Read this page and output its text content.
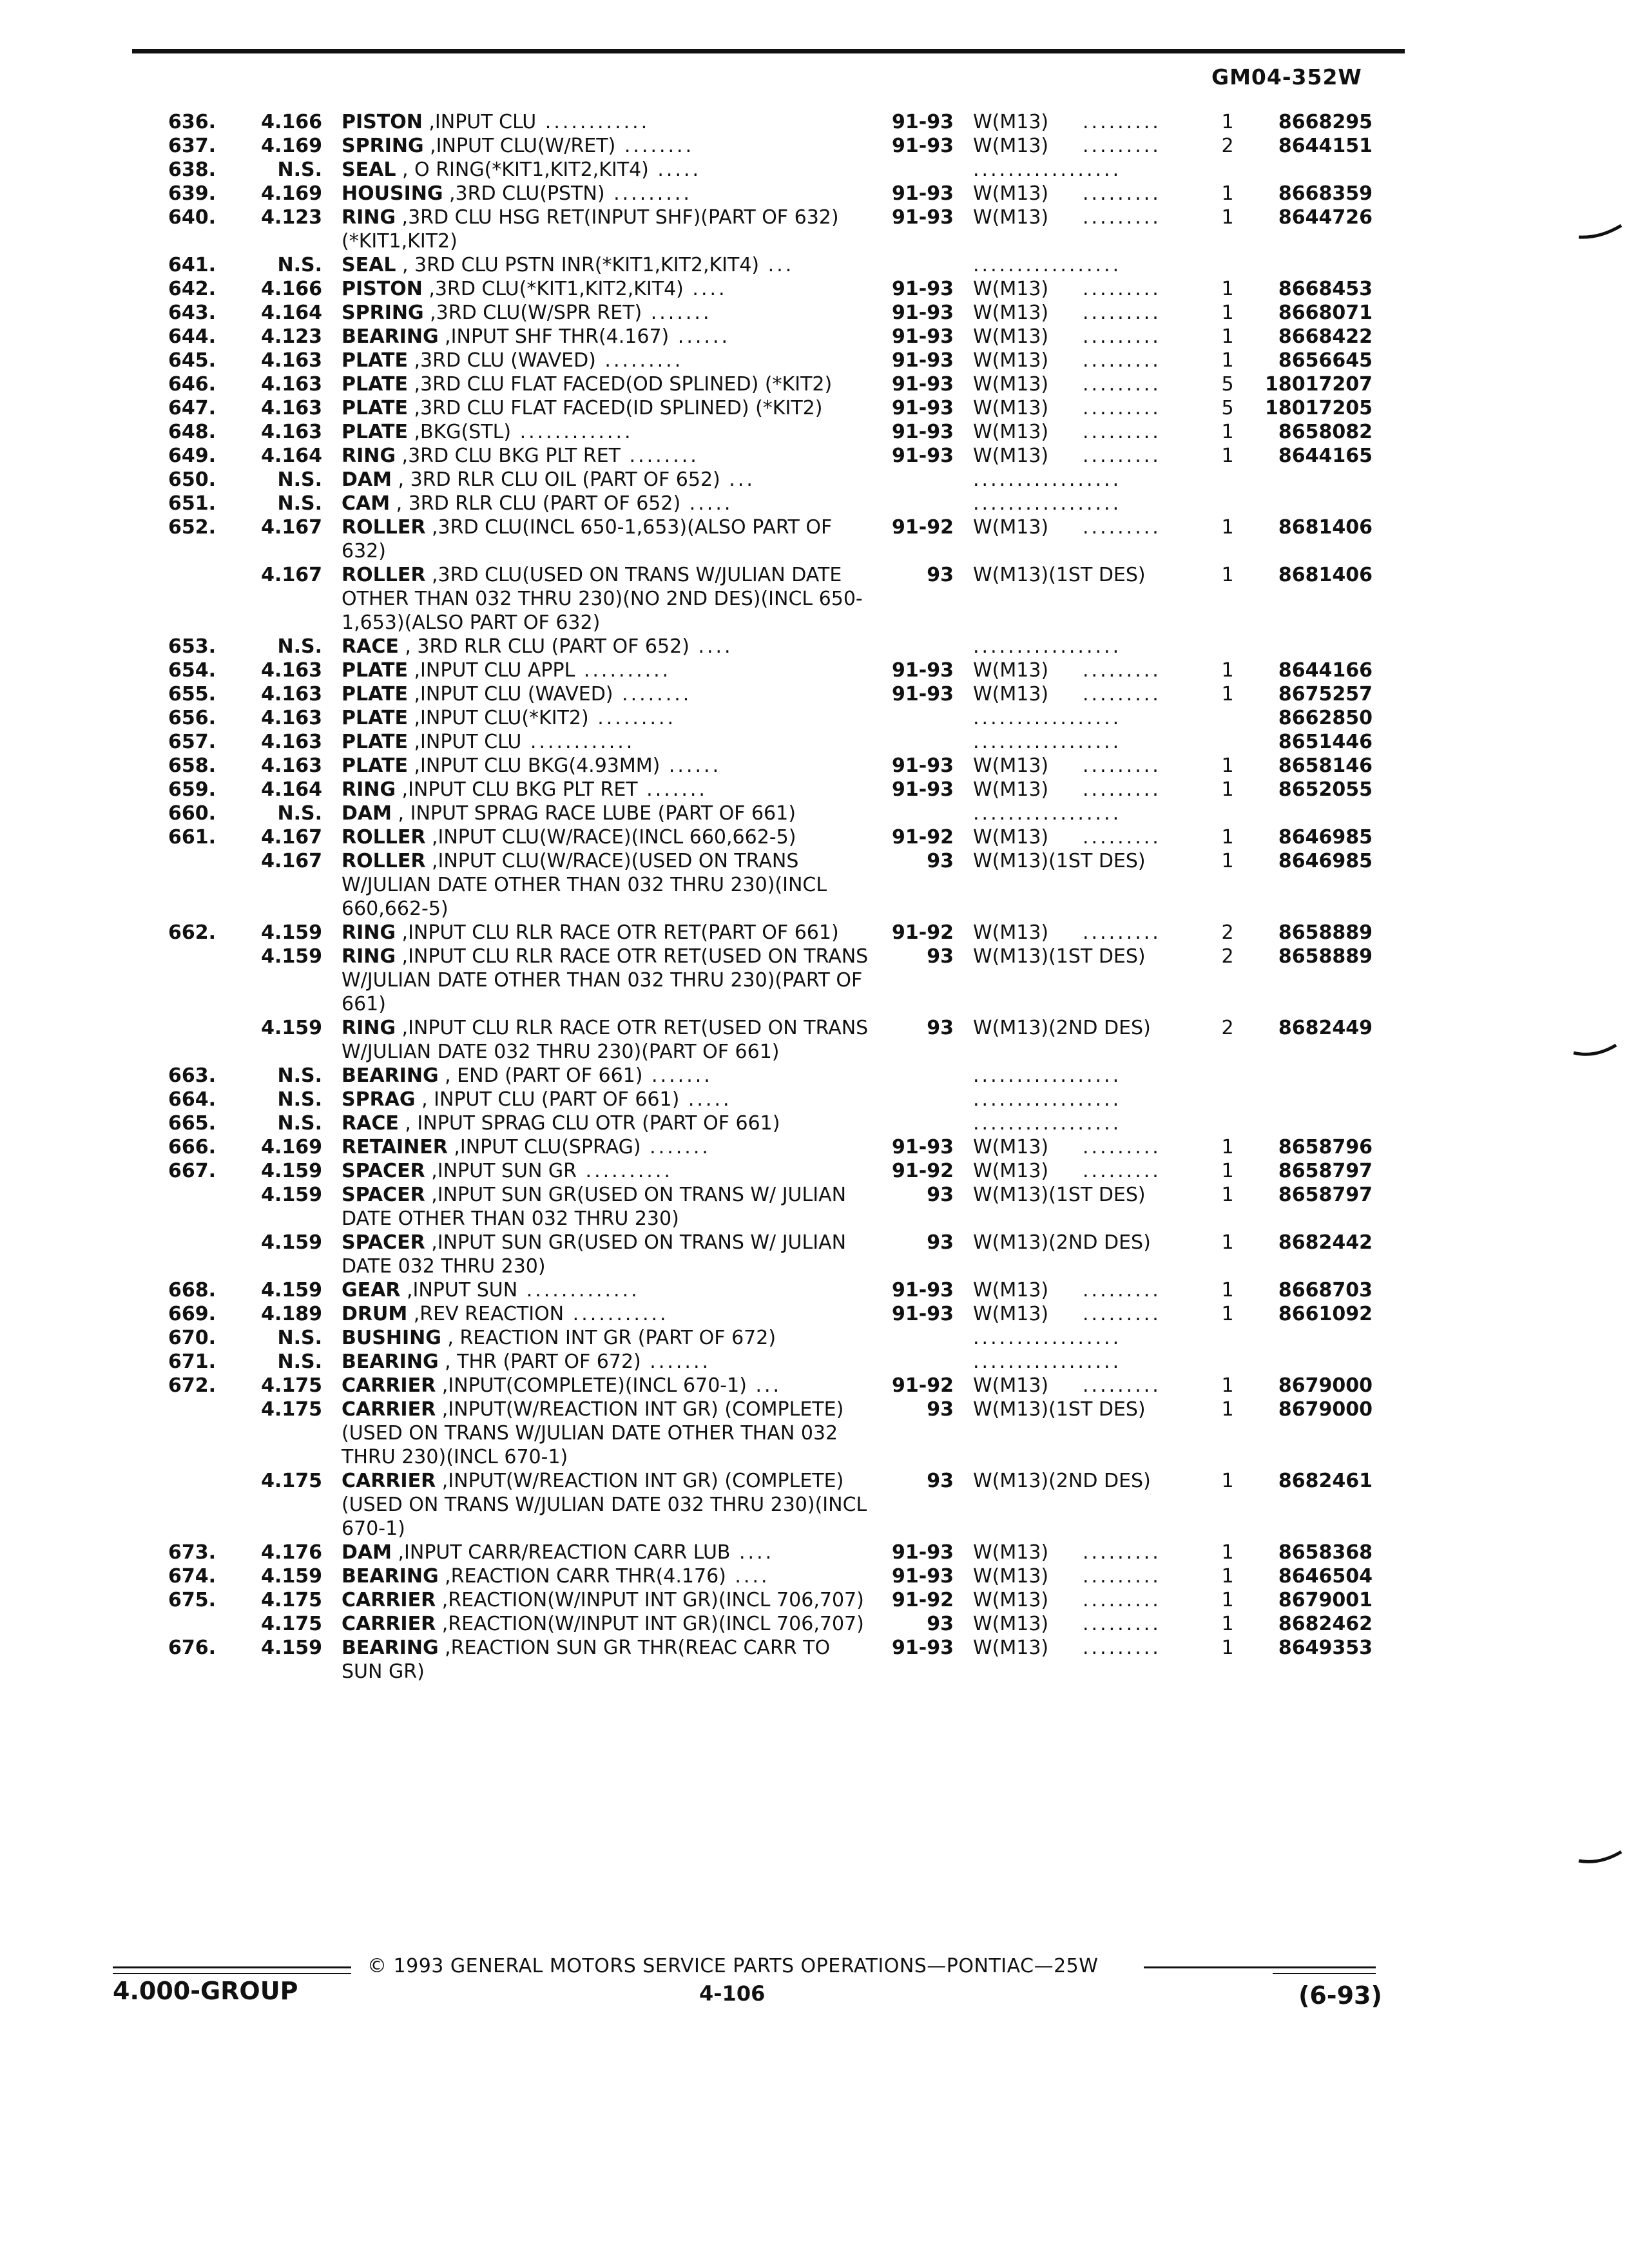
GM04-352W
636.	4.166 PISTON ,INPUT CLU ............	91-93 W(M13) .........	1	8668295
637.	4.169 SPRING ,INPUT CLU(W/RET) ........	91-93 W(M13) .........	2	8644151
638.	N.S. SEAL , O RING(*KIT1,KIT2,KIT4) .....	.................
639.	4.169 HOUSING ,3RD CLU(PSTN) .........	91-93 W(M13) .........	1	8668359
640.	4.123 RING ,3RD CLU HSG RET(INPUT SHF)(PART OF 632)(*KIT1,KIT2)
91-93 W(M13) .........	1	8644726
641.	N.S. SEAL , 3RD CLU PSTN INR(*KIT1,KIT2,KIT4) ...	.................
642.	4.166 PISTON ,3RD CLU(*KIT1,KIT2,KIT4) ....	91-93 W(M13) .........	1	8668453
643.	4.164 SPRING ,3RD CLU(W/SPR RET) .......	91-93 W(M13) .........	1	8668071
644.	4.123 BEARING ,INPUT SHF THR(4.167) ......	91-93 W(M13) .........	1	8668422
645.	4.163 PLATE ,3RD CLU (WAVED) .........	91-93 W(M13) .........	1	8656645
646.	4.163 PLATE ,3RD CLU FLAT FACED(OD SPLINED) (*KIT2)	91-93 W(M13) .........	5 18017207
647.	4.163 PLATE ,3RD CLU FLAT FACED(ID SPLINED) (*KIT2)	91-93 W(M13) .........	5 18017205
648.	4.163 PLATE ,BKG(STL) .............	91-93 W(M13) .........	1	8658082
649.	4.164 RING ,3RD CLU BKG PLT RET ........	91-93 W(M13) .........	1	8644165
650.	N.S. DAM , 3RD RLR CLU OIL (PART OF 652) ...	.................
651.	N.S. CAM , 3RD RLR CLU (PART OF 652) .....	.................
652.	4.167 ROLLER ,3RD CLU(INCL 650-1,653)(ALSO PART OF 632)
91-92 W(M13) .........	1	8681406
4.167 ROLLER ,3RD CLU(USED ON TRANS W/JULIAN DATE OTHER THAN 032 THRU 230)(NO 2ND DES)(INCL 650-1,653)(ALSO PART OF 632)
93 W(M13)(1ST DES)	1	8681406
653.	N.S. RACE , 3RD RLR CLU (PART OF 652) ....	.................
654.	4.163 PLATE ,INPUT CLU APPL ..........	91-93 W(M13) .........	1	8644166
655.	4.163 PLATE ,INPUT CLU (WAVED) ........	91-93 W(M13) .........	1	8675257
656.	4.163 PLATE ,INPUT CLU(*KIT2) .........	.................	8662850
657.	4.163 PLATE ,INPUT CLU ............	.................	8651446
658.	4.163 PLATE ,INPUT CLU BKG(4.93MM) ......	91-93 W(M13) .........	1	8658146
659.	4.164 RING ,INPUT CLU BKG PLT RET .......	91-93 W(M13) .........	1	8652055
660.	N.S. DAM , INPUT SPRAG RACE LUBE (PART OF 661)	.................
661.	4.167 ROLLER ,INPUT CLU(W/RACE)(INCL 660,662-5)	91-92 W(M13) .........	1	8646985
4.167 ROLLER ,INPUT CLU(W/RACE)(USED ON TRANS W/JULIAN DATE OTHER THAN 032 THRU 230)(INCL 660,662-5)
93 W(M13)(1ST DES)	1	8646985
662.	4.159 RING ,INPUT CLU RLR RACE OTR RET(PART OF 661)	91-92 W(M13) .........	2	8658889
4.159 RING ,INPUT CLU RLR RACE OTR RET(USED ON TRANS W/JULIAN DATE OTHER THAN 032 THRU 230)(PART OF 661)
93 W(M13)(1ST DES)	2	8658889
4.159 RING ,INPUT CLU RLR RACE OTR RET(USED ON TRANS W/JULIAN DATE 032 THRU 230)(PART OF 661)
93 W(M13)(2ND DES)	2	8682449
663.	N.S. BEARING , END (PART OF 661) .......	.................
664.	N.S. SPRAG , INPUT CLU (PART OF 661) .....	.................
665.	N.S. RACE , INPUT SPRAG CLU OTR (PART OF 661)	.................
666.	4.169 RETAINER ,INPUT CLU(SPRAG) .......	91-93 W(M13) .........	1	8658796
667.	4.159 SPACER ,INPUT SUN GR ..........	91-92 W(M13) .........	1	8658797
4.159 SPACER ,INPUT SUN GR(USED ON TRANS W/ JULIAN DATE OTHER THAN 032 THRU 230)
93 W(M13)(1ST DES)	1	8658797
4.159 SPACER ,INPUT SUN GR(USED ON TRANS W/ JULIAN DATE 032 THRU 230)
93 W(M13)(2ND DES)	1	8682442
668.	4.159 GEAR ,INPUT SUN .............	91-93 W(M13) .........	1	8668703
669.	4.189 DRUM ,REV REACTION ...........	91-93 W(M13) .........	1	8661092
670.	N.S. BUSHING , REACTION INT GR (PART OF 672)	.................
671.	N.S. BEARING , THR (PART OF 672) .......	.................
672.	4.175 CARRIER ,INPUT(COMPLETE)(INCL 670-1) ...	91-92 W(M13) .........	1	8679000
4.175 CARRIER ,INPUT(W/REACTION INT GR) (COMPLETE)(USED ON TRANS W/JULIAN DATE OTHER THAN 032 THRU 230)(INCL 670-1)
93 W(M13)(1ST DES)	1	8679000
4.175 CARRIER ,INPUT(W/REACTION INT GR) (COMPLETE)(USED ON TRANS W/JULIAN DATE 032 THRU 230)(INCL 670-1)
93 W(M13)(2ND DES)	1	8682461
673.	4.176 DAM ,INPUT CARR/REACTION CARR LUB ....	91-93 W(M13) .........	1	8658368
674.	4.159 BEARING ,REACTION CARR THR(4.176) ....	91-93 W(M13) .........	1	8646504
675.	4.175 CARRIER ,REACTION(W/INPUT INT GR)(INCL 706,707)	91-92 W(M13) .........	1	8679001
4.175 CARRIER ,REACTION(W/INPUT INT GR)(INCL 706,707)	93 W(M13) .........	1	8682462
676.	4.159 BEARING ,REACTION SUN GR THR(REAC CARR TO SUN GR)
91-93 W(M13) .........	1	8649353
© 1993 GENERAL MOTORS SERVICE PARTS OPERATIONS—PONTIAC—25W
4.000-GROUP	4-106	(6-93)
